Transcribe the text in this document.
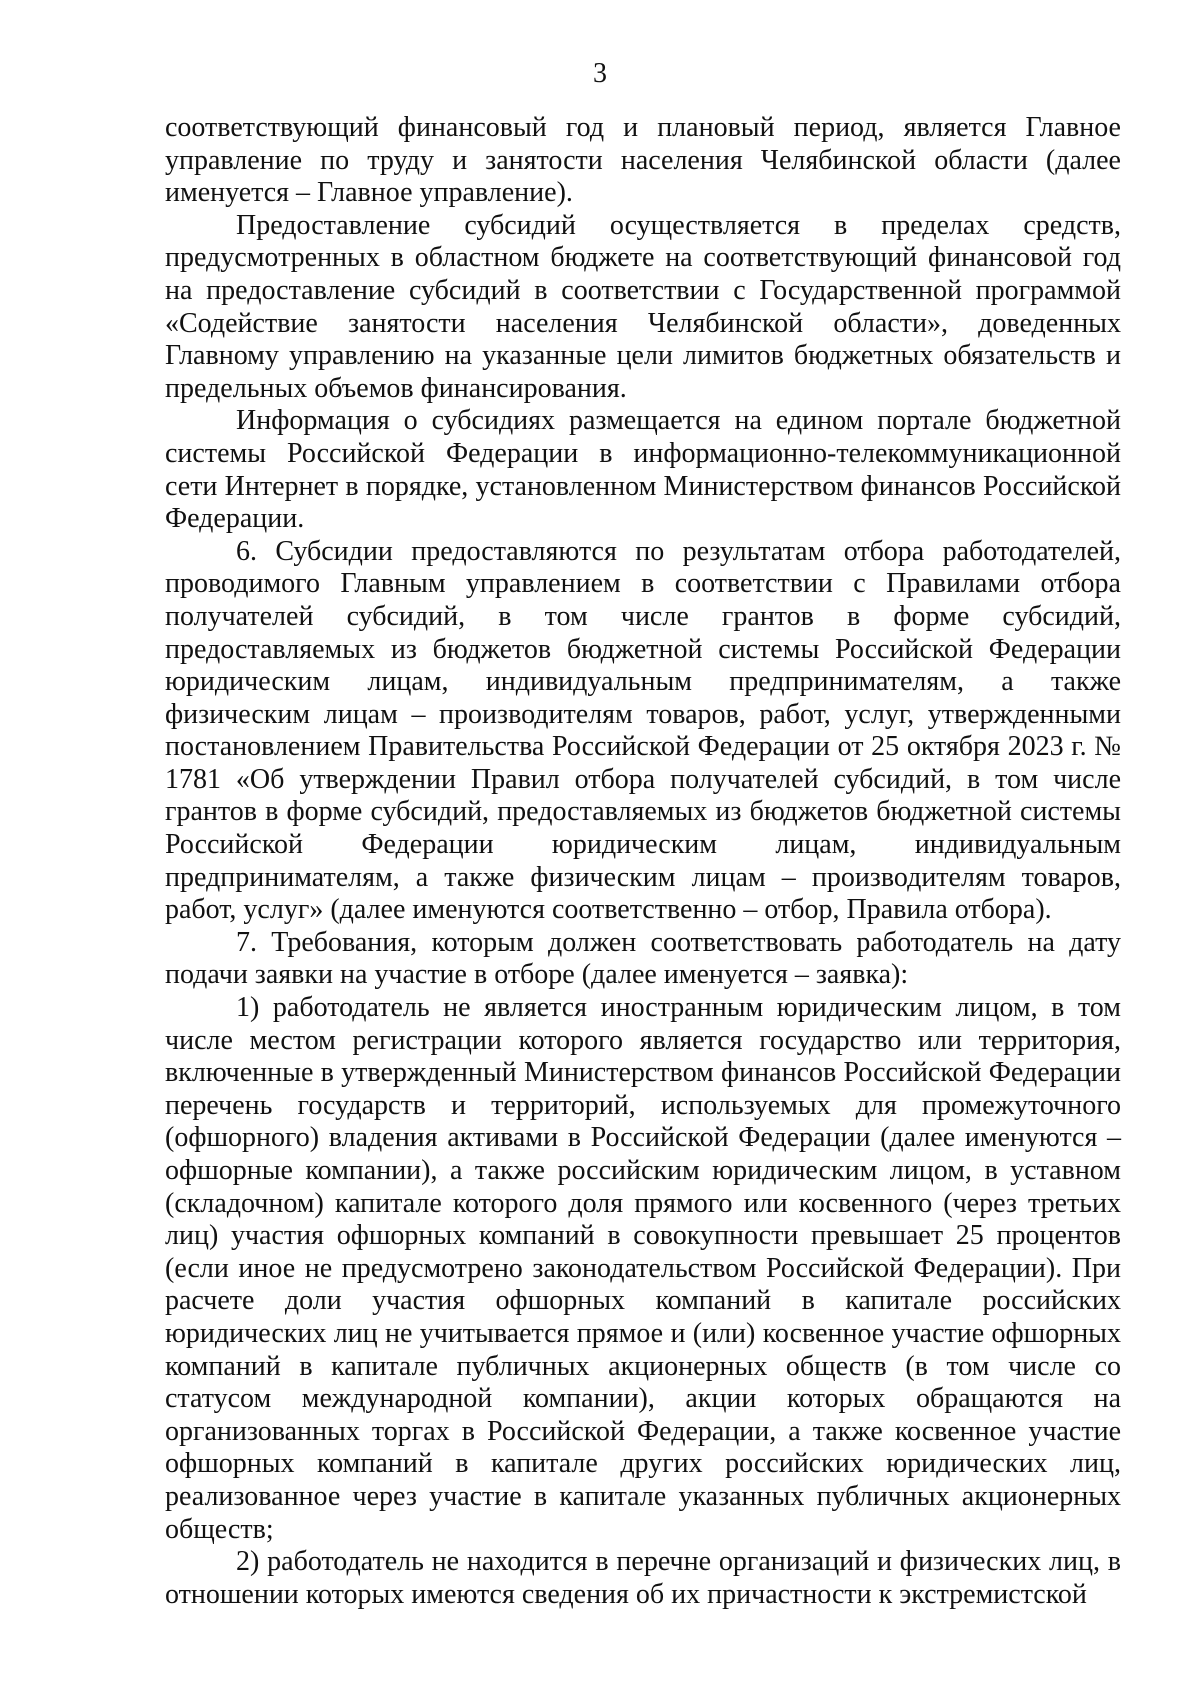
3

соответствующий финансовый год и плановый период, является Главное управление по труду и занятости населения Челябинской области (далее именуется – Главное управление).

Предоставление субсидий осуществляется в пределах средств, предусмотренных в областном бюджете на соответствующий финансовой год на предоставление субсидий в соответствии с Государственной программой «Содействие занятости населения Челябинской области», доведенных Главному управлению на указанные цели лимитов бюджетных обязательств и предельных объемов финансирования.

Информация о субсидиях размещается на едином портале бюджетной системы Российской Федерации в информационно-телекоммуникационной сети Интернет в порядке, установленном Министерством финансов Российской Федерации.

6. Субсидии предоставляются по результатам отбора работодателей, проводимого Главным управлением в соответствии с Правилами отбора получателей субсидий, в том числе грантов в форме субсидий, предоставляемых из бюджетов бюджетной системы Российской Федерации юридическим лицам, индивидуальным предпринимателям, а также физическим лицам – производителям товаров, работ, услуг, утвержденными постановлением Правительства Российской Федерации от 25 октября 2023 г. № 1781 «Об утверждении Правил отбора получателей субсидий, в том числе грантов в форме субсидий, предоставляемых из бюджетов бюджетной системы Российской Федерации юридическим лицам, индивидуальным предпринимателям, а также физическим лицам – производителям товаров, работ, услуг» (далее именуются соответственно – отбор, Правила отбора).

7. Требования, которым должен соответствовать работодатель на дату подачи заявки на участие в отборе (далее именуется – заявка):

1) работодатель не является иностранным юридическим лицом, в том числе местом регистрации которого является государство или территория, включенные в утвержденный Министерством финансов Российской Федерации перечень государств и территорий, используемых для промежуточного (офшорного) владения активами в Российской Федерации (далее именуются – офшорные компании), а также российским юридическим лицом, в уставном (складочном) капитале которого доля прямого или косвенного (через третьих лиц) участия офшорных компаний в совокупности превышает 25 процентов (если иное не предусмотрено законодательством Российской Федерации). При расчете доли участия офшорных компаний в капитале российских юридических лиц не учитывается прямое и (или) косвенное участие офшорных компаний в капитале публичных акционерных обществ (в том числе со статусом международной компании), акции которых обращаются на организованных торгах в Российской Федерации, а также косвенное участие офшорных компаний в капитале других российских юридических лиц, реализованное через участие в капитале указанных публичных акционерных обществ;

2) работодатель не находится в перечне организаций и физических лиц, в отношении которых имеются сведения об их причастности к экстремистской
